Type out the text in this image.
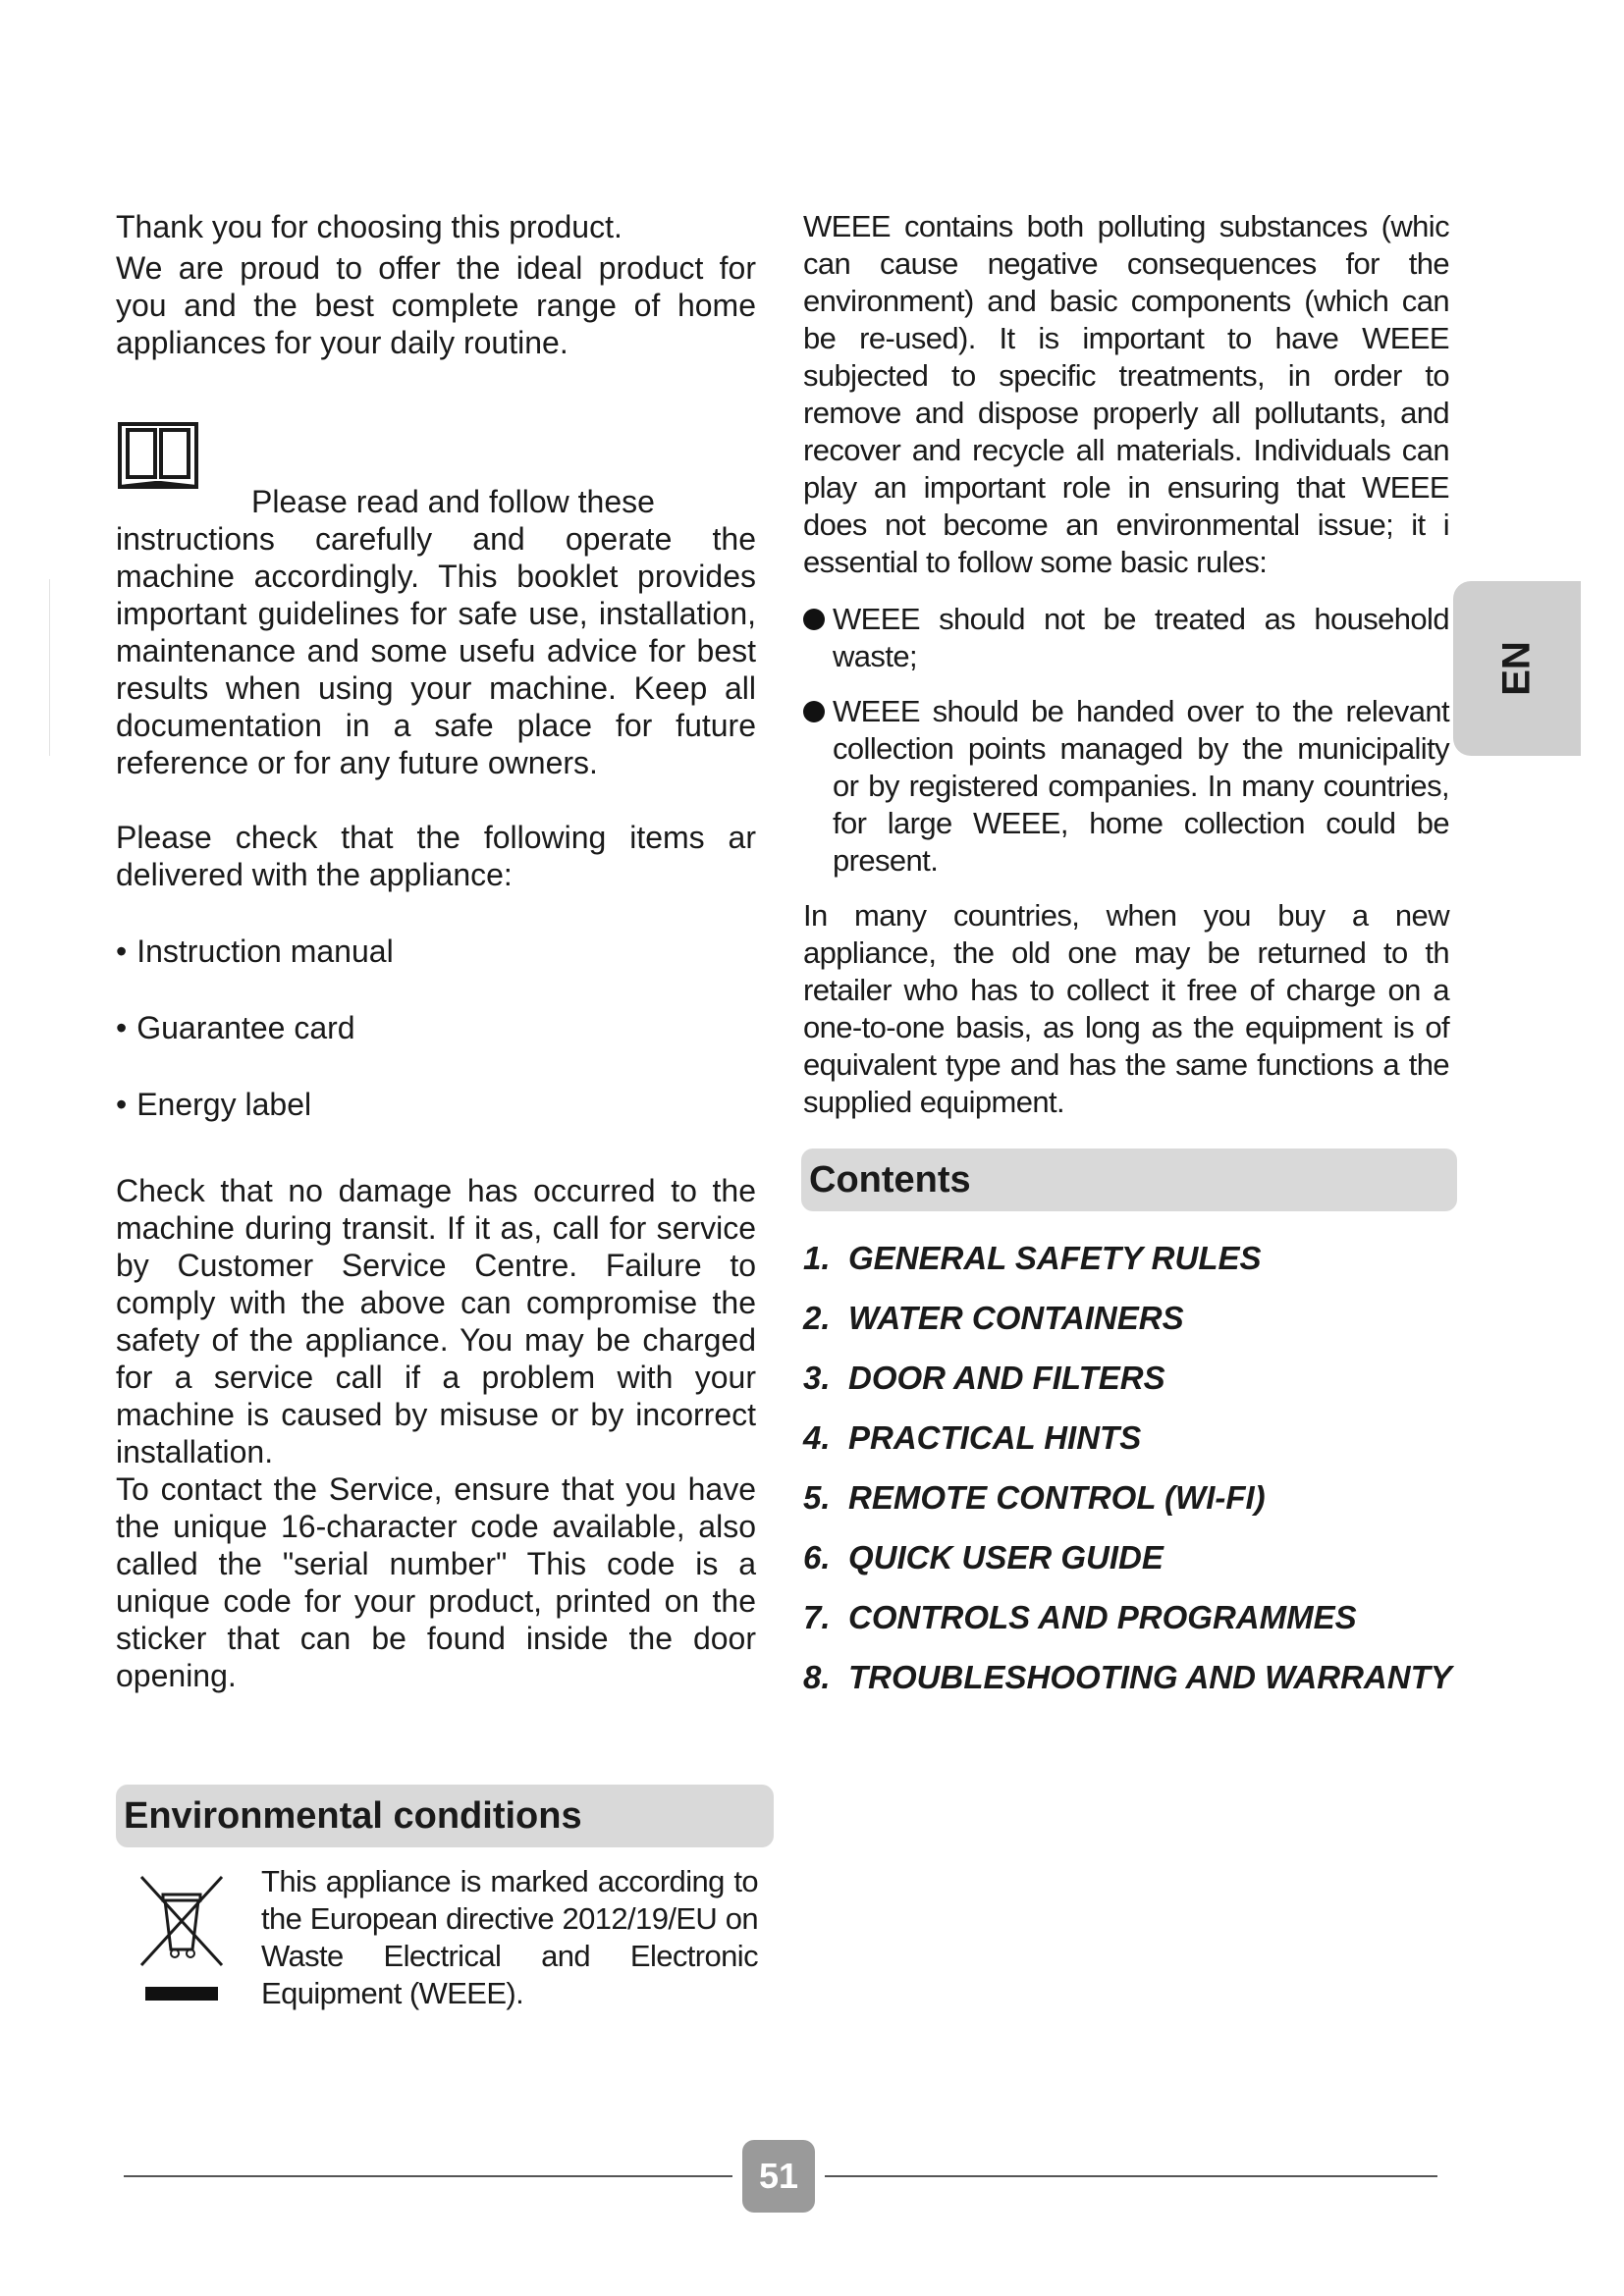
Thank you for choosing this product.

We are proud to offer the ideal product for you and the best complete range of home appliances for your daily routine.

Please read and follow these

instructions carefully and operate the machine accordingly. This booklet provides important guidelines for safe use, installation, maintenance and some usefu advice for best results when using your machine. Keep all documentation in a safe place for future reference or for any future owners.

Please check that the following items ar delivered with the appliance:

• Instruction manual
• Guarantee card
• Energy label

Check that no damage has occurred to the machine during transit. If it as, call for service by Customer Service Centre. Failure to comply with the above can compromise the safety of the appliance. You may be charged for a service call if a problem with your machine is caused by misuse or by incorrect installation.

To contact the Service, ensure that you have the unique 16-character code available, also called the "serial number" This code is a unique code for your product, printed on the sticker that can be found inside the door opening.

Environmental conditions

This appliance is marked according to the European directive 2012/19/EU on Waste Electrical and Electronic Equipment (WEEE).

WEEE contains both polluting substances (whic can cause negative consequences for the environment) and basic components (which can be re-used). It is important to have WEEE subjected to specific treatments, in order to remove and dispose properly all pollutants, and recover and recycle all materials. Individuals can play an important role in ensuring that WEEE does not become an environmental issue; it i essential to follow some basic rules:

WEEE should not be treated as household waste;
WEEE should be handed over to the relevant collection points managed by the municipality or by registered companies. In many countries, for large WEEE, home collection could be present.

In many countries, when you buy a new appliance, the old one may be returned to th retailer who has to collect it free of charge on a one-to-one basis, as long as the equipment is of equivalent type and has the same functions a the supplied equipment.

Contents
1. GENERAL SAFETY RULES
2. WATER CONTAINERS
3. DOOR AND FILTERS
4. PRACTICAL HINTS
5. REMOTE CONTROL (WI-FI)
6. QUICK USER GUIDE
7. CONTROLS AND PROGRAMMES
8. TROUBLESHOOTING AND WARRANTY
EN
51
